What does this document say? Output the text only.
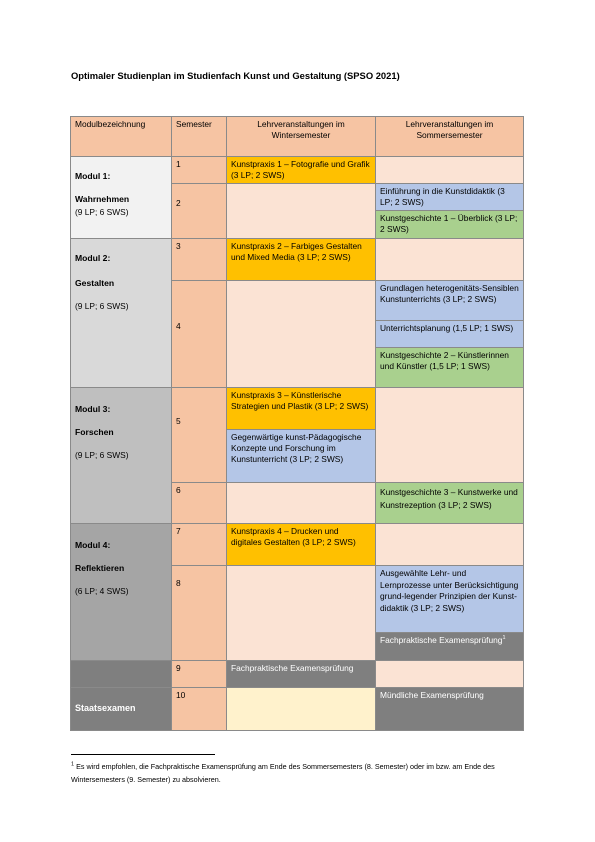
Optimaler Studienplan im Studienfach Kunst und Gestaltung (SPSO 2021)
Modulbezeichnung	Semester	Lehrveranstaltungen im Wintersemester
Lehrveranstaltungen im Sommersemester
Modul 1:
Wahrnehmen
(9 LP; 6 SWS)
Modul 2:
Gestalten
(9 LP; 6 SWS)
Modul 3:
Forschen
(9 LP; 6 SWS)
Modul 4:
Reflektieren
(6 LP; 4 SWS)
Staatsexamen
1
2
3
4
5
6
7
8
9
10
Kunstpraxis 1 – Fotografie und Grafik (3 LP; 2 SWS)
Kunstpraxis 2 – Farbiges Gestalten und Mixed Media (3 LP; 2 SWS)
Kunstpraxis 3 – Künstlerische Strategien und Plastik (3 LP; 2 SWS)
Gegenwärtige kunst-Pädagogische Konzepte und Forschung im Kunstunterricht (3 LP; 2 SWS)
Kunstpraxis 4 – Drucken und digitales Gestalten (3 LP; 2 SWS)
Fachpraktische Examensprüfung
Einführung in die Kunstdidaktik (3 LP; 2 SWS)
Kunstgeschichte 1 – Überblick (3 LP; 2 SWS)
Grundlagen heterogenitäts-Sensiblen Kunstunterrichts (3 LP; 2 SWS)
Unterrichtsplanung (1,5 LP; 1 SWS)
Kunstgeschichte 2 – Künstlerinnen und Künstler (1,5 LP; 1 SWS)
Kunstgeschichte 3 – Kunstwerke und Kunstrezeption (3 LP; 2 SWS)
Ausgewählte Lehr- und Lernprozesse unter Berücksichtigung grund-legender Prinzipien der Kunst-didaktik (3 LP; 2 SWS)
Fachpraktische Examensprüfung$^1$
Mündliche Examensprüfung
$^1$ Es wird empfohlen, die Fachpraktische Examensprüfung am Ende des Sommersemesters (8. Semester) oder im bzw. am Ende des Wintersemesters (9. Semester) zu absolvieren.
